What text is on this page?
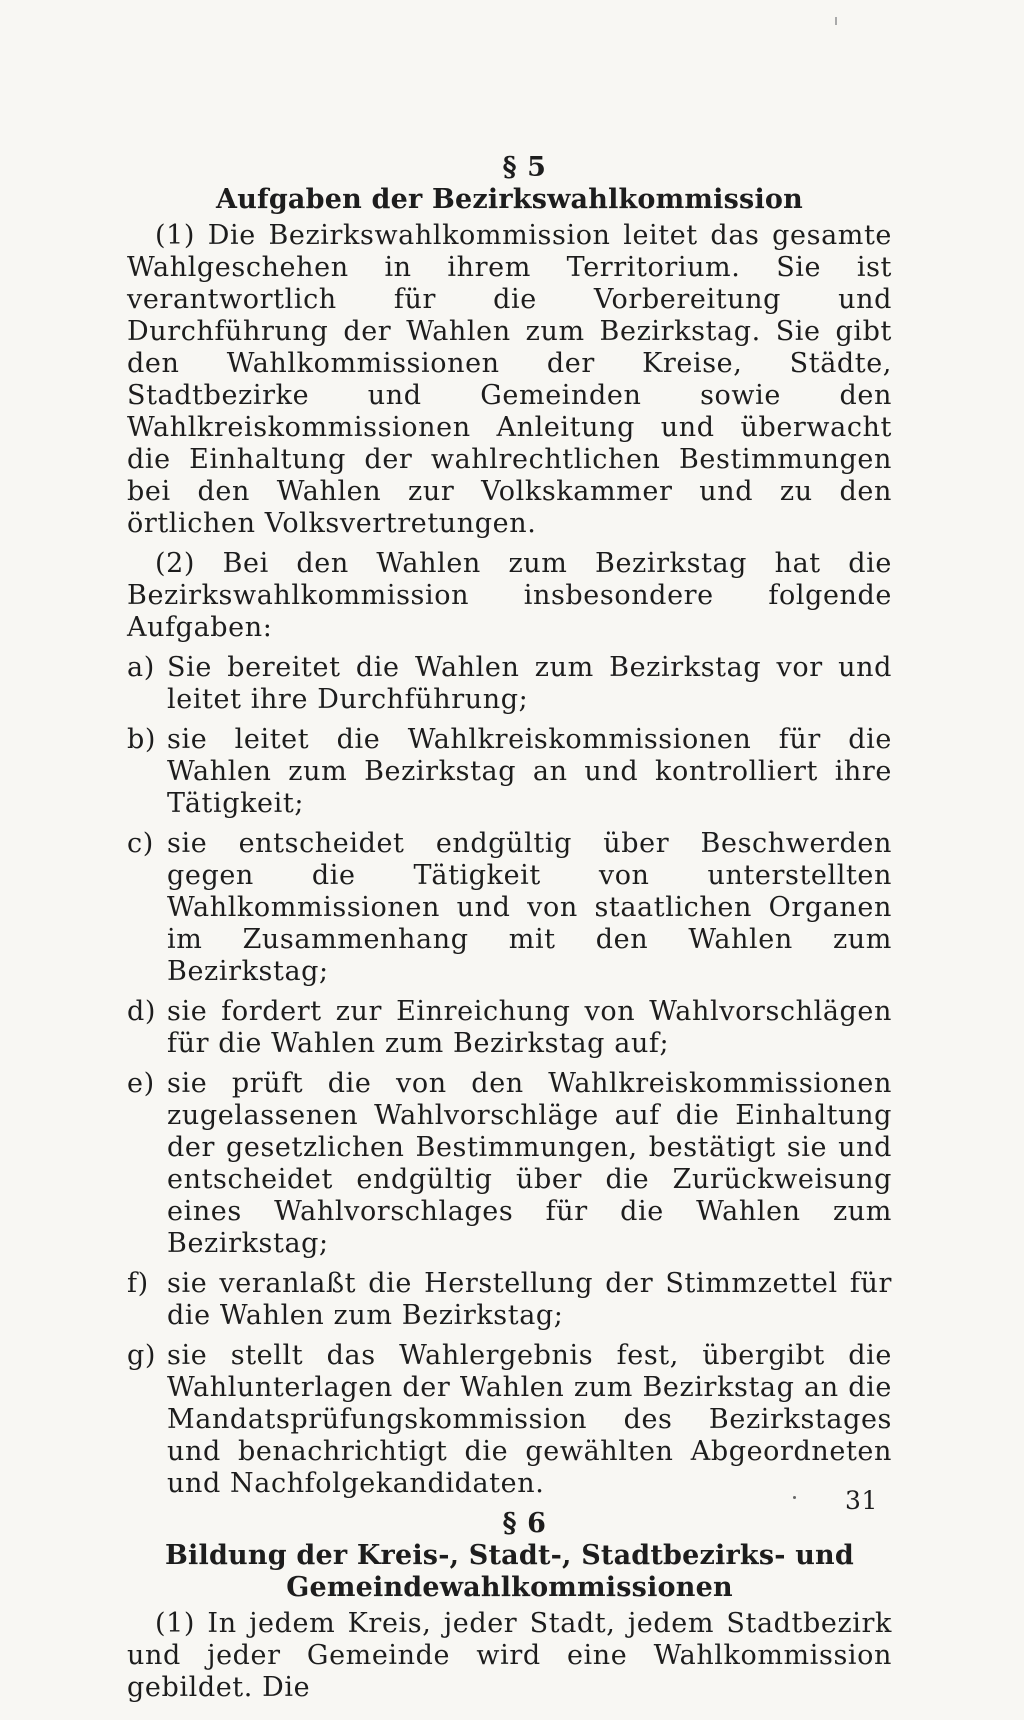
§ 5

Aufgaben der Bezirkswahlkommission

(1) Die Bezirkswahlkommission leitet das gesamte Wahlgeschehen in ihrem Territorium. Sie ist verantwortlich für die Vorbereitung und Durchführung der Wahlen zum Bezirkstag. Sie gibt den Wahlkommissionen der Kreise, Städte, Stadtbezirke und Gemeinden sowie den Wahlkreiskommissionen Anleitung und überwacht die Einhaltung der wahlrechtlichen Bestimmungen bei den Wahlen zur Volkskammer und zu den örtlichen Volksvertretungen.

(2) Bei den Wahlen zum Bezirkstag hat die Bezirkswahlkommission insbesondere folgende Aufgaben:

a) Sie bereitet die Wahlen zum Bezirkstag vor und leitet ihre Durchführung;
b) sie leitet die Wahlkreiskommissionen für die Wahlen zum Bezirkstag an und kontrolliert ihre Tätigkeit;
c) sie entscheidet endgültig über Beschwerden gegen die Tätigkeit von unterstellten Wahlkommissionen und von staatlichen Organen im Zusammenhang mit den Wahlen zum Bezirkstag;
d) sie fordert zur Einreichung von Wahlvorschlägen für die Wahlen zum Bezirkstag auf;
e) sie prüft die von den Wahlkreiskommissionen zugelassenen Wahlvorschläge auf die Einhaltung der gesetzlichen Bestimmungen, bestätigt sie und entscheidet endgültig über die Zurückweisung eines Wahlvorschlages für die Wahlen zum Bezirkstag;
f) sie veranlaßt die Herstellung der Stimmzettel für die Wahlen zum Bezirkstag;
g) sie stellt das Wahlergebnis fest, übergibt die Wahlunterlagen der Wahlen zum Bezirkstag an die Mandatsprüfungskommission des Bezirkstages und benachrichtigt die gewählten Abgeordneten und Nachfolgekandidaten.

§ 6

Bildung der Kreis-, Stadt-, Stadtbezirks- und
Gemeindewahlkommissionen

(1) In jedem Kreis, jeder Stadt, jedem Stadtbezirk und jeder Gemeinde wird eine Wahlkommission gebildet. Die

31
